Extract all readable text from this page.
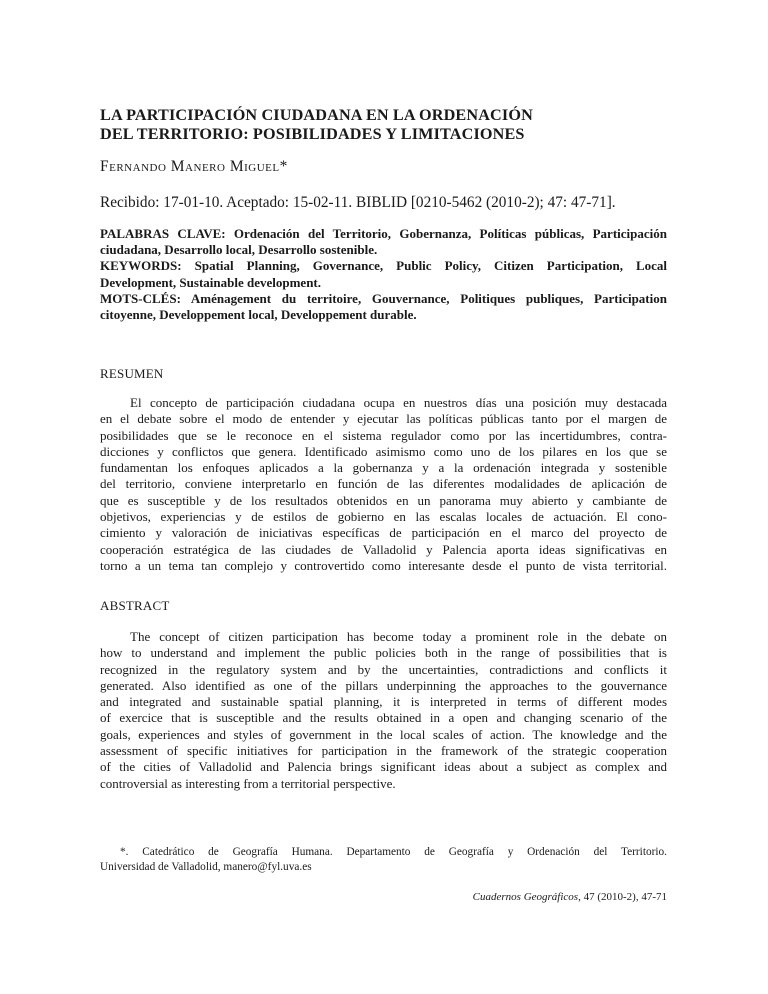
LA PARTICIPACIÓN CIUDADANA EN LA ORDENACIÓN
DEL TERRITORIO: POSIBILIDADES Y LIMITACIONES
Fernando Manero Miguel*
Recibido: 17-01-10. Aceptado: 15-02-11. BIBLID [0210-5462 (2010-2); 47: 47-71].

PALABRAS CLAVE: Ordenación del Territorio, Gobernanza, Políticas públicas, Participación ciudadana, Desarrollo local, Desarrollo sostenible.

KEYWORDS: Spatial Planning, Governance, Public Policy, Citizen Participation, Local Development, Sustainable development.

MOTS-CLÉS: Aménagement du territoire, Gouvernance, Politiques publiques, Participation citoyenne, Developpement local, Developpement durable.

RESUMEN
El concepto de participación ciudadana ocupa en nuestros días una posición muy destacada
en el debate sobre el modo de entender y ejecutar las políticas públicas tanto por el margen de
posibilidades que se le reconoce en el sistema regulador como por las incertidumbres, contra-
dicciones y conflictos que genera. Identificado asimismo como uno de los pilares en los que se
fundamentan los enfoques aplicados a la gobernanza y a la ordenación integrada y sostenible
del territorio, conviene interpretarlo en función de las diferentes modalidades de aplicación de
que es susceptible y de los resultados obtenidos en un panorama muy abierto y cambiante de
objetivos, experiencias y de estilos de gobierno en las escalas locales de actuación. El cono-
cimiento y valoración de iniciativas específicas de participación en el marco del proyecto de
cooperación estratégica de las ciudades de Valladolid y Palencia aporta ideas significativas en
torno a un tema tan complejo y controvertido como interesante desde el punto de vista territorial.
ABSTRACT
The concept of citizen participation has become today a prominent role in the debate on
how to understand and implement the public policies both in the range of possibilities that is
recognized in the regulatory system and by the uncertainties, contradictions and conflicts it
generated. Also identified as one of the pillars underpinning the approaches to the gouvernance
and integrated and sustainable spatial planning, it is interpreted in terms of different modes
of exercice that is susceptible and the results obtained in a open and changing scenario of the
goals, experiences and styles of government in the local scales of action. The knowledge and the
assessment of specific initiatives for participation in the framework of the strategic cooperation
of the cities of Valladolid and Palencia brings significant ideas about a subject as complex and
controversial as interesting from a territorial perspective.
*. Catedrático de Geografía Humana. Departamento de Geografía y Ordenación del Territorio.
Universidad de Valladolid, manero@fyl.uva.es
Cuadernos Geográficos, 47 (2010-2), 47-71
